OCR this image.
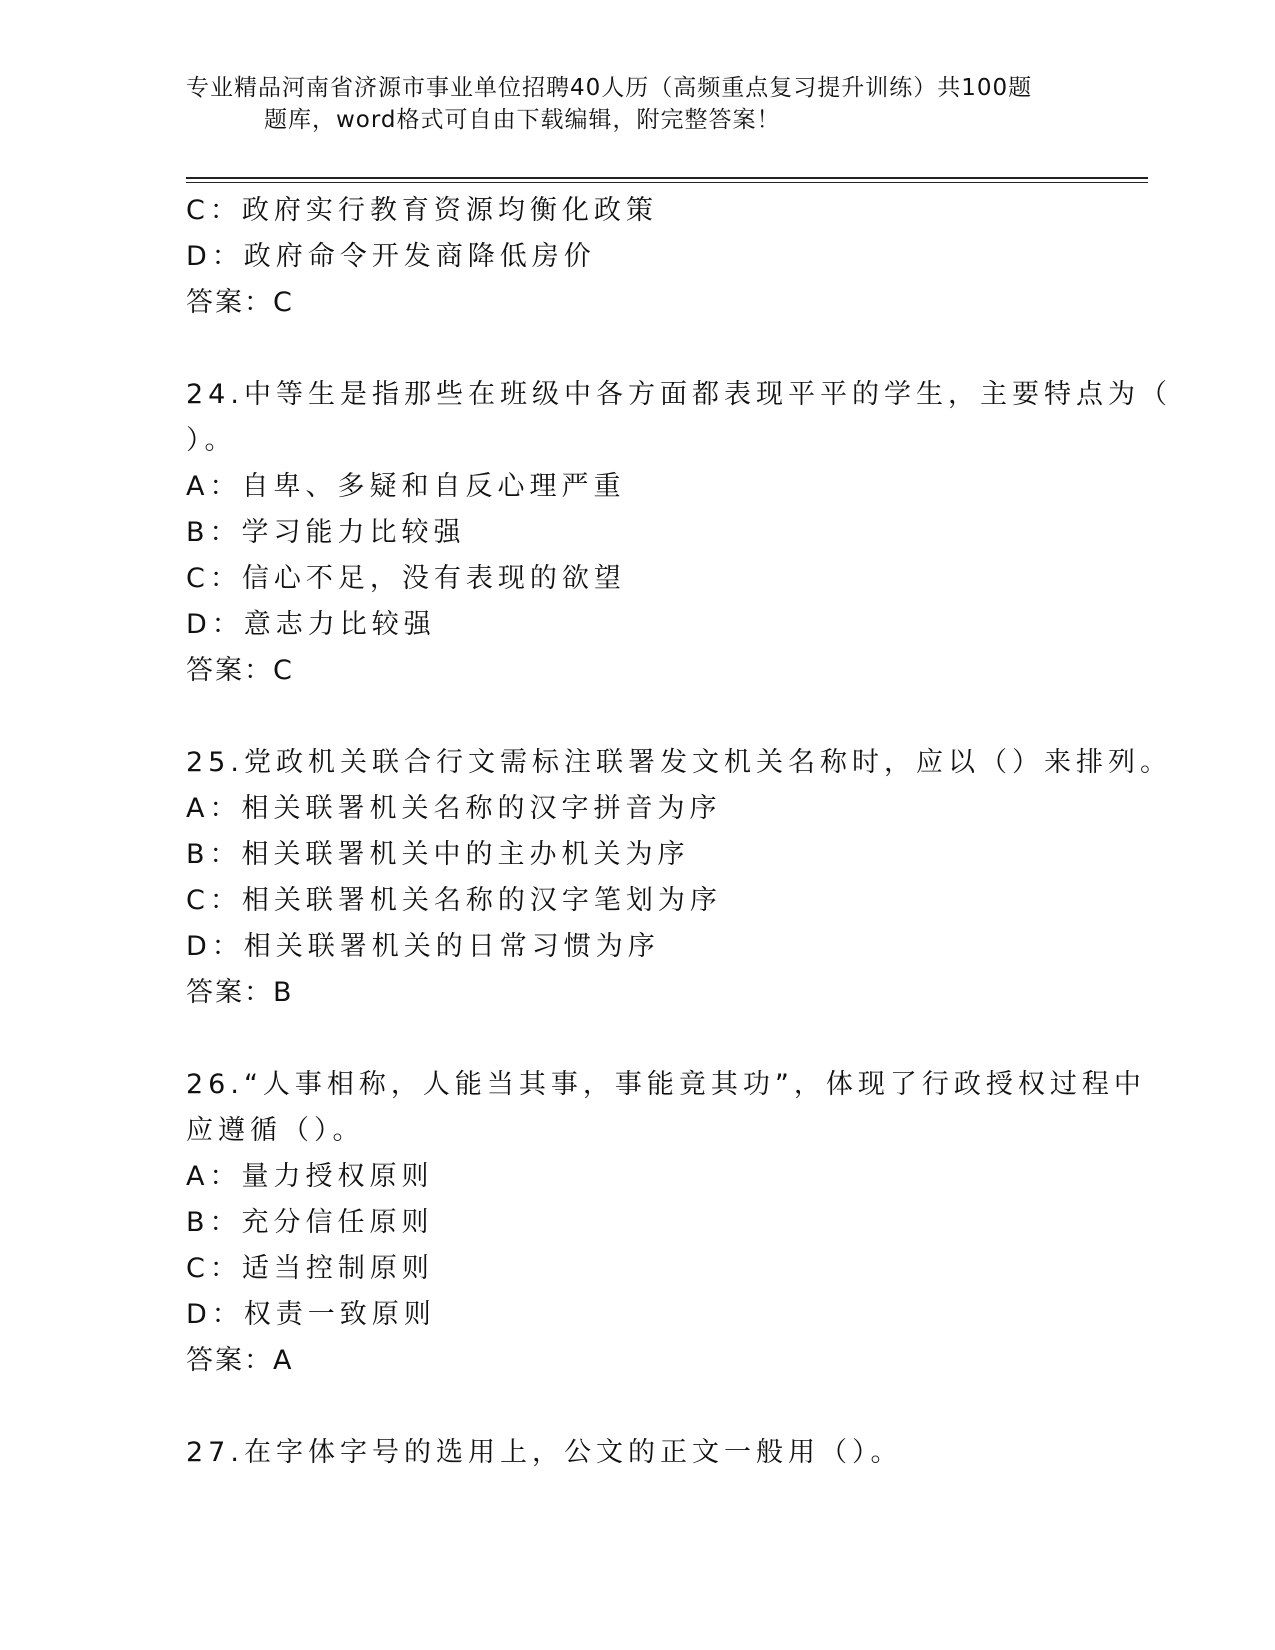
专业精品河南省济源市事业单位招聘40人历（高频重点复习提升训练）共100题
题库，word格式可自由下载编辑，附完整答案！
C：政府实行教育资源均衡化政策
D：政府命令开发商降低房价
答案：C
24.中等生是指那些在班级中各方面都表现平平的学生，主要特点为（
）。
A：自卑、多疑和自反心理严重
B：学习能力比较强
C：信心不足，没有表现的欲望
D：意志力比较强
答案：C
25.党政机关联合行文需标注联署发文机关名称时，应以（）来排列。
A：相关联署机关名称的汉字拼音为序
B：相关联署机关中的主办机关为序
C：相关联署机关名称的汉字笔划为序
D：相关联署机关的日常习惯为序
答案：B
26.“人事相称，人能当其事，事能竟其功”，体现了行政授权过程中
应遵循（）。
A：量力授权原则
B：充分信任原则
C：适当控制原则
D：权责一致原则
答案：A
27.在字体字号的选用上，公文的正文一般用（）。
